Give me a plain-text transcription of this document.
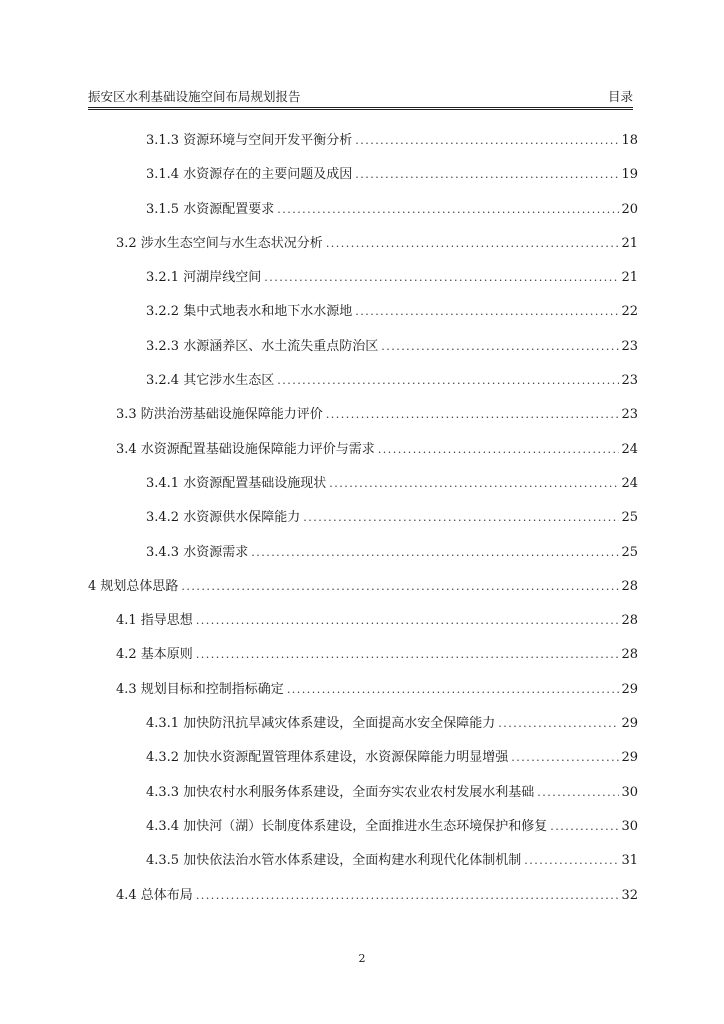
振安区水利基础设施空间布局规划报告	目录
3.1.3 资源环境与空间开发平衡分析 . . .	18
3.1.4 水资源存在的主要问题及成因 . . .	19
3.1.5 水资源配置要求 . . .	20
3.2 涉水生态空间与水生态状况分析 . . .	21
3.2.1 河湖岸线空间 . . .	21
3.2.2 集中式地表水和地下水水源地 . . .	22
3.2.3 水源涵养区、水土流失重点防治区 . . .	23
3.2.4 其它涉水生态区 . . .	23
3.3 防洪治涝基础设施保障能力评价 . . .	23
3.4 水资源配置基础设施保障能力评价与需求 . . .	24
3.4.1 水资源配置基础设施现状 . . .	24
3.4.2 水资源供水保障能力 . . .	25
3.4.3 水资源需求 . . .	25
4 规划总体思路 . . .	28
4.1 指导思想 . . .	28
4.2 基本原则 . . .	28
4.3 规划目标和控制指标确定 . . .	29
4.3.1 加快防汛抗旱减灾体系建设，全面提高水安全保障能力 . . .	29
4.3.2 加快水资源配置管理体系建设，水资源保障能力明显增强 . . .	29
4.3.3 加快农村水利服务体系建设，全面夯实农业农村发展水利基础 . . .	30
4.3.4 加快河（湖）长制度体系建设，全面推进水生态环境保护和修复 . . .	30
4.3.5 加快依法治水管水体系建设，全面构建水利现代化体制机制 . . .	31
4.4 总体布局 . . .	32
2
